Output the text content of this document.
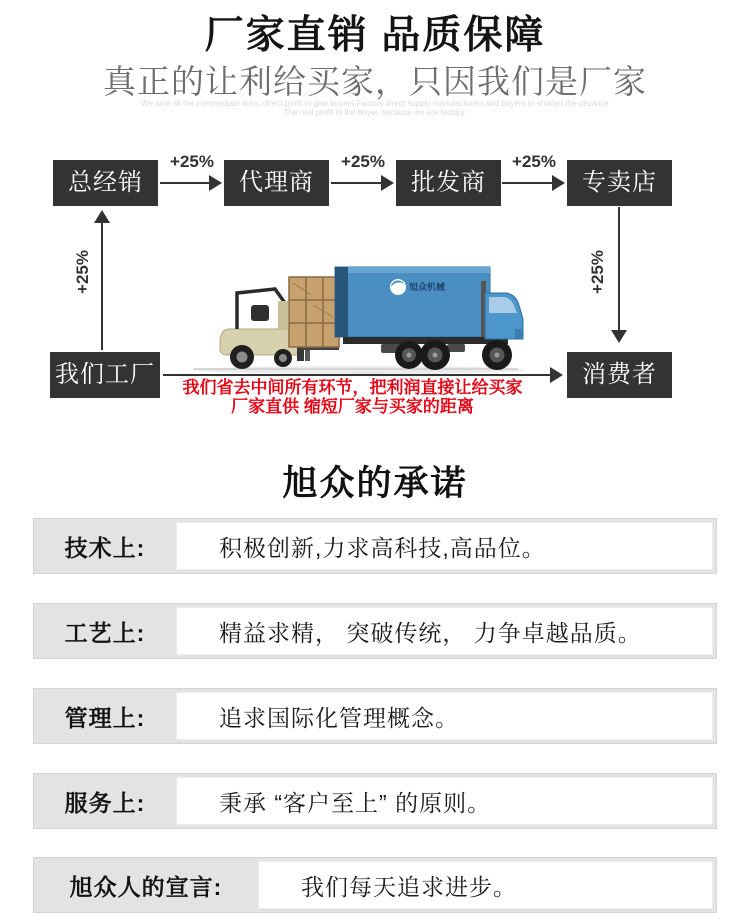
厂家直销 品质保障
真正的让利给买家，只因我们是厂家
We omit all the intermediate links, direct profit to give buyers,Factory direct supply manufacturers and buyers to shorten the distance
The real profit to the buyer, because we are factory.
总经销	代理商	批发商	专卖店
+25%	+25%	+25%
+25%	+25%
我们工厂	消费者
旭众机械
我们省去中间所有环节，把利润直接让给买家
厂家直供 缩短厂家与买家的距离
旭众的承诺
技术上:	积极创新,力求高科技,高品位。
工艺上:	精益求精， 突破传统， 力争卓越品质。
管理上:	追求国际化管理概念。
服务上:	秉承 “客户至上” 的原则。
旭众人的宣言:	我们每天追求进步。
